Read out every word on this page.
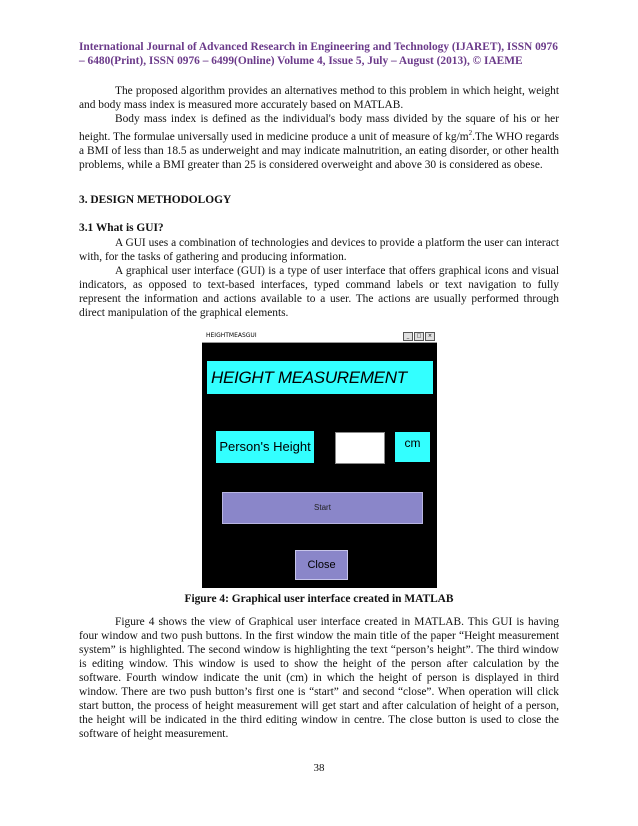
International Journal of Advanced Research in Engineering and Technology (IJARET), ISSN 0976
– 6480(Print), ISSN 0976 – 6499(Online) Volume 4, Issue 5, July – August (2013), © IAEME

The proposed algorithm provides an alternatives method to this problem in which height, weight and body mass index is measured more accurately based on MATLAB.

Body mass index is defined as the individual's body mass divided by the square of his or her height. The formulae universally used in medicine produce a unit of measure of $kg/m^2.The$ WHO regards a BMI of less than 18.5 as underweight and may indicate malnutrition, an eating disorder, or other health problems, while a BMI greater than 25 is considered overweight and above 30 is considered as obese.

3. DESIGN METHODOLOGY
3.1 What is GUI?

A GUI uses a combination of technologies and devices to provide a platform the user can interact with, for the tasks of gathering and producing information.

A graphical user interface (GUI) is a type of user interface that offers graphical icons and visual indicators, as opposed to text-based interfaces, typed command labels or text navigation to fully represent the information and actions available to a user. The actions are usually performed through direct manipulation of the graphical elements.

HEIGHTMEASGUI	_	□	×
HEIGHT MEASUREMENT SYSTEM
Person's Height	cm
Start
Close
Figure 4: Graphical user interface created in MATLAB

Figure 4 shows the view of Graphical user interface created in MATLAB. This GUI is having four window and two push buttons. In the first window the main title of the paper “Height measurement system” is highlighted. The second window is highlighting the text “person’s height”. The third window is editing window. This window is used to show the height of the person after calculation by the software. Fourth window indicate the unit (cm) in which the height of person is displayed in third window. There are two push button’s first one is “start” and second “close”. When operation will click start button, the process of height measurement will get start and after calculation of height of a person, the height will be indicated in the third editing window in centre. The close button is used to close the software of height measurement.

38
